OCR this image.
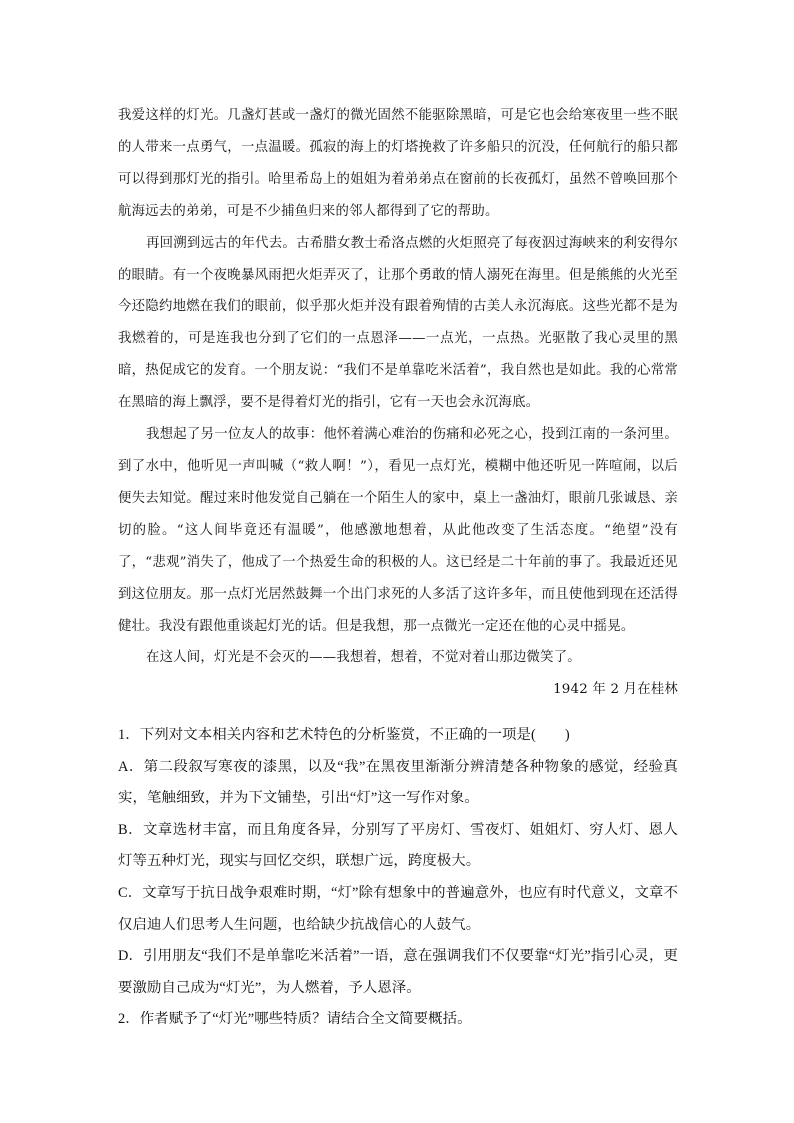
我爱这样的灯光。几盏灯甚或一盏灯的微光固然不能驱除黑暗，可是它也会给寒夜里一些不眠的人带来一点勇气，一点温暖。孤寂的海上的灯塔挽救了许多船只的沉没，任何航行的船只都可以得到那灯光的指引。哈里希岛上的姐姐为着弟弟点在窗前的长夜孤灯，虽然不曾唤回那个航海远去的弟弟，可是不少捕鱼归来的邻人都得到了它的帮助。

再回溯到远古的年代去。古希腊女教士希洛点燃的火炬照亮了每夜泅过海峡来的利安得尔的眼睛。有一个夜晚暴风雨把火炬弄灭了，让那个勇敢的情人溺死在海里。但是熊熊的火光至今还隐约地燃在我们的眼前，似乎那火炬并没有跟着殉情的古美人永沉海底。这些光都不是为我燃着的，可是连我也分到了它们的一点恩泽——一点光，一点热。光驱散了我心灵里的黑暗，热促成它的发育。一个朋友说：“我们不是单靠吃米活着”，我自然也是如此。我的心常常在黑暗的海上飘浮，要不是得着灯光的指引，它有一天也会永沉海底。

我想起了另一位友人的故事：他怀着满心难治的伤痛和必死之心，投到江南的一条河里。到了水中，他听见一声叫喊（“救人啊！”），看见一点灯光，模糊中他还听见一阵喧闹，以后便失去知觉。醒过来时他发觉自己躺在一个陌生人的家中，桌上一盏油灯，眼前几张诚恳、亲切的脸。“这人间毕竟还有温暖”，他感激地想着，从此他改变了生活态度。“绝望”没有了，“悲观”消失了，他成了一个热爱生命的积极的人。这已经是二十年前的事了。我最近还见到这位朋友。那一点灯光居然鼓舞一个出门求死的人多活了这许多年，而且使他到现在还活得健壮。我没有跟他重谈起灯光的话。但是我想，那一点微光一定还在他的心灵中摇晃。

在这人间，灯光是不会灭的——我想着，想着，不觉对着山那边微笑了。

1942 年 2 月在桂林

1．下列对文本相关内容和艺术特色的分析鉴赏，不正确的一项是(　　)

A．第二段叙写寒夜的漆黑，以及“我”在黑夜里渐渐分辨清楚各种物象的感觉，经验真实，笔触细致，并为下文铺垫，引出“灯”这一写作对象。

B．文章选材丰富，而且角度各异，分别写了平房灯、雪夜灯、姐姐灯、穷人灯、恩人灯等五种灯光，现实与回忆交织，联想广远，跨度极大。

C．文章写于抗日战争艰难时期，“灯”除有想象中的普遍意外，也应有时代意义，文章不仅启迪人们思考人生问题，也给缺少抗战信心的人鼓气。

D．引用朋友“我们不是单靠吃米活着”一语，意在强调我们不仅要靠“灯光”指引心灵，更要激励自己成为“灯光”，为人燃着，予人恩泽。

2．作者赋予了“灯光”哪些特质？请结合全文简要概括。
